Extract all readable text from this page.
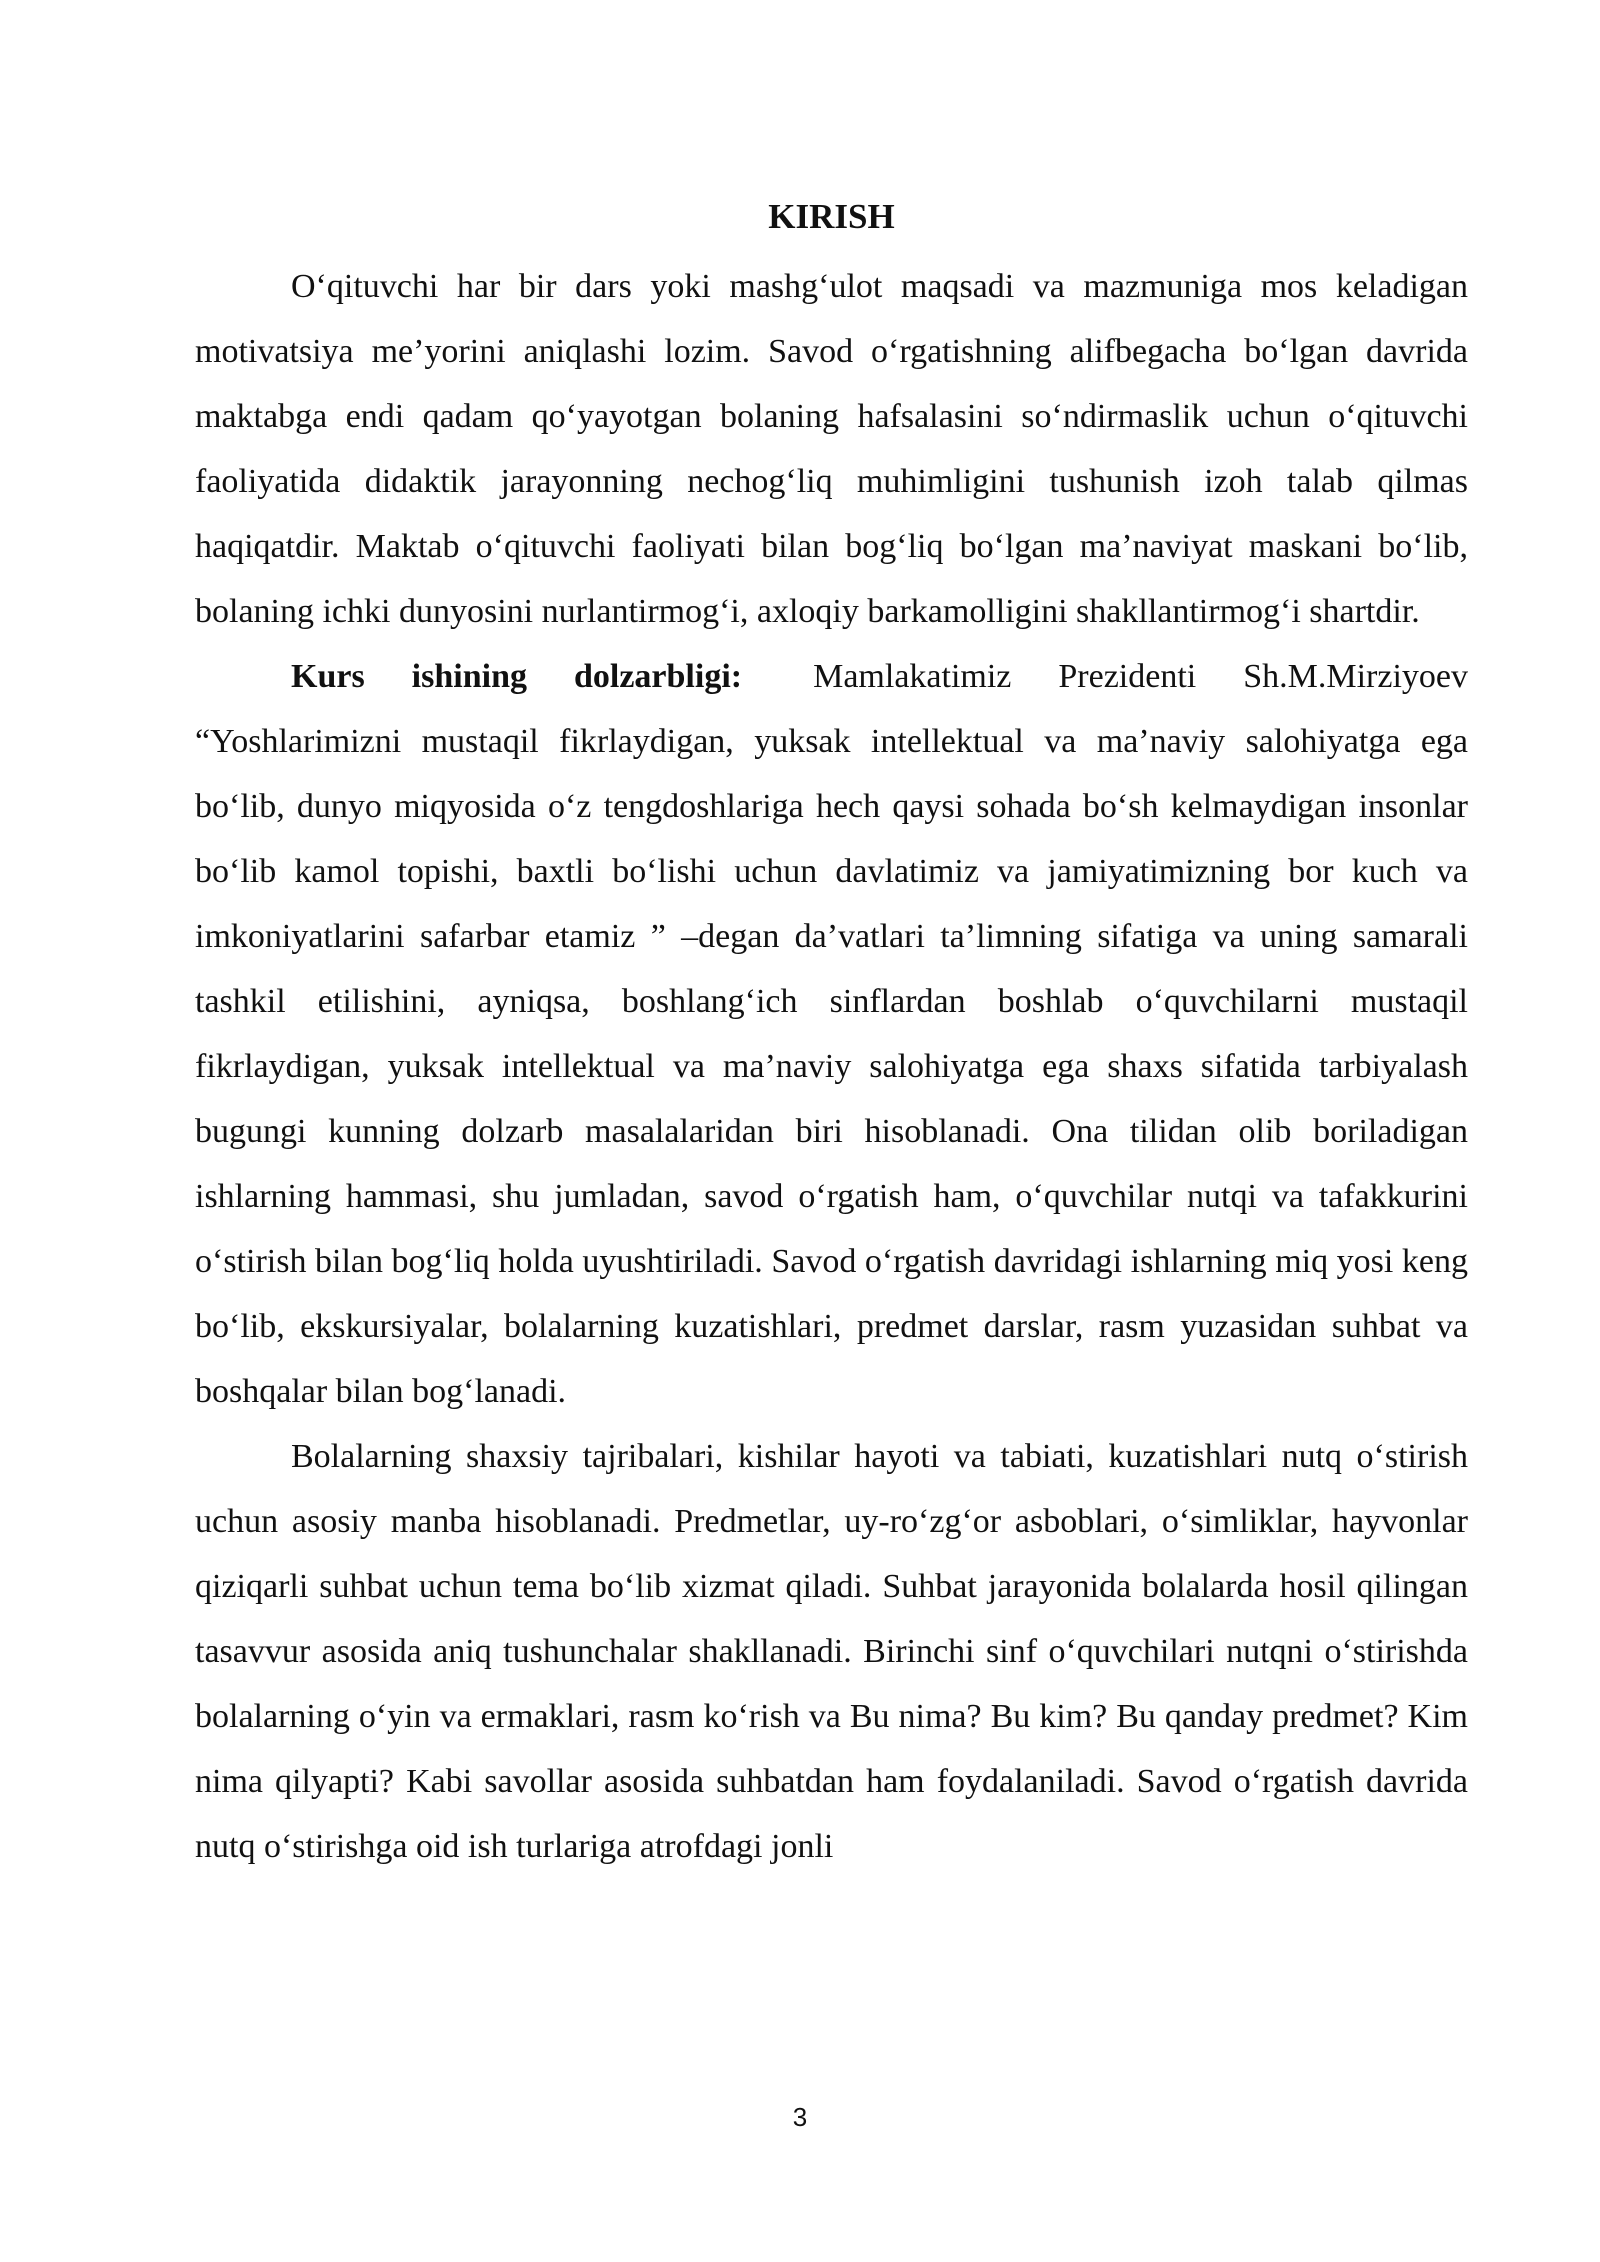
KIRISH

O‘qituvchi har bir dars yoki mashg‘ulot maqsadi va mazmuniga mos keladigan motivatsiya me’yorini aniqlashi lozim. Savod o‘rgatishning alifbegacha bo‘lgan davrida maktabga endi qadam qo‘yayotgan bolaning hafsalasini so‘ndirmaslik uchun o‘qituvchi faoliyatida didaktik jarayonning nechog‘liq muhimligini tushunish izoh talab qilmas haqiqatdir. Maktab o‘qituvchi faoliyati bilan bog‘liq bo‘lgan ma’naviyat maskani bo‘lib, bolaning ichki dunyosini nurlantirmog‘i, axloqiy barkamolligini shakllantirmog‘i shartdir.

Kurs ishining dolzarbligi: Mamlakatimiz Prezidenti Sh.M.Mirziyoev “Yoshlarimizni mustaqil fikrlaydigan, yuksak intellektual va ma’naviy salohiyatga ega bo‘lib, dunyo miqyosida o‘z tengdoshlariga hech qaysi sohada bo‘sh kelmaydigan insonlar bo‘lib kamol topishi, baxtli bo‘lishi uchun davlatimiz va jamiyatimizning bor kuch va imkoniyatlarini safarbar etamiz ” –degan da’vatlari ta’limning sifatiga va uning samarali tashkil etilishini, ayniqsa, boshlang‘ich sinflardan boshlab o‘quvchilarni mustaqil fikrlaydigan, yuksak intellektual va ma’naviy salohiyatga ega shaxs sifatida tarbiyalash bugungi kunning dolzarb masalalaridan biri hisoblanadi. Ona tilidan olib boriladigan ishlarning hammasi, shu jumladan, savod o‘rgatish ham, o‘quvchilar nutqi va tafakkurini o‘stirish bilan bog‘liq holda uyushtiriladi. Savod o‘rgatish davridagi ishlarning miq yosi keng bo‘lib, ekskursiyalar, bolalarning kuzatishlari, predmet darslar, rasm yuzasidan suhbat va boshqalar bilan bog‘lanadi.

Bolalarning shaxsiy tajribalari, kishilar hayoti va tabiati, kuzatishlari nutq o‘stirish uchun asosiy manba hisoblanadi. Predmetlar, uy-ro‘zg‘or asboblari, o‘simliklar, hayvonlar qiziqarli suhbat uchun tema bo‘lib xizmat qiladi. Suhbat jarayonida bolalarda hosil qilingan tasavvur asosida aniq tushunchalar shakllanadi. Birinchi sinf o‘quvchilari nutqni o‘stirishda bolalarning o‘yin va ermaklari, rasm ko‘rish va Bu nima? Bu kim? Bu qanday predmet? Kim nima qilyapti? Kabi savollar asosida suhbatdan ham foydalaniladi. Savod o‘rgatish davrida nutq o‘stirishga oid ish turlariga atrofdagi jonli

3
